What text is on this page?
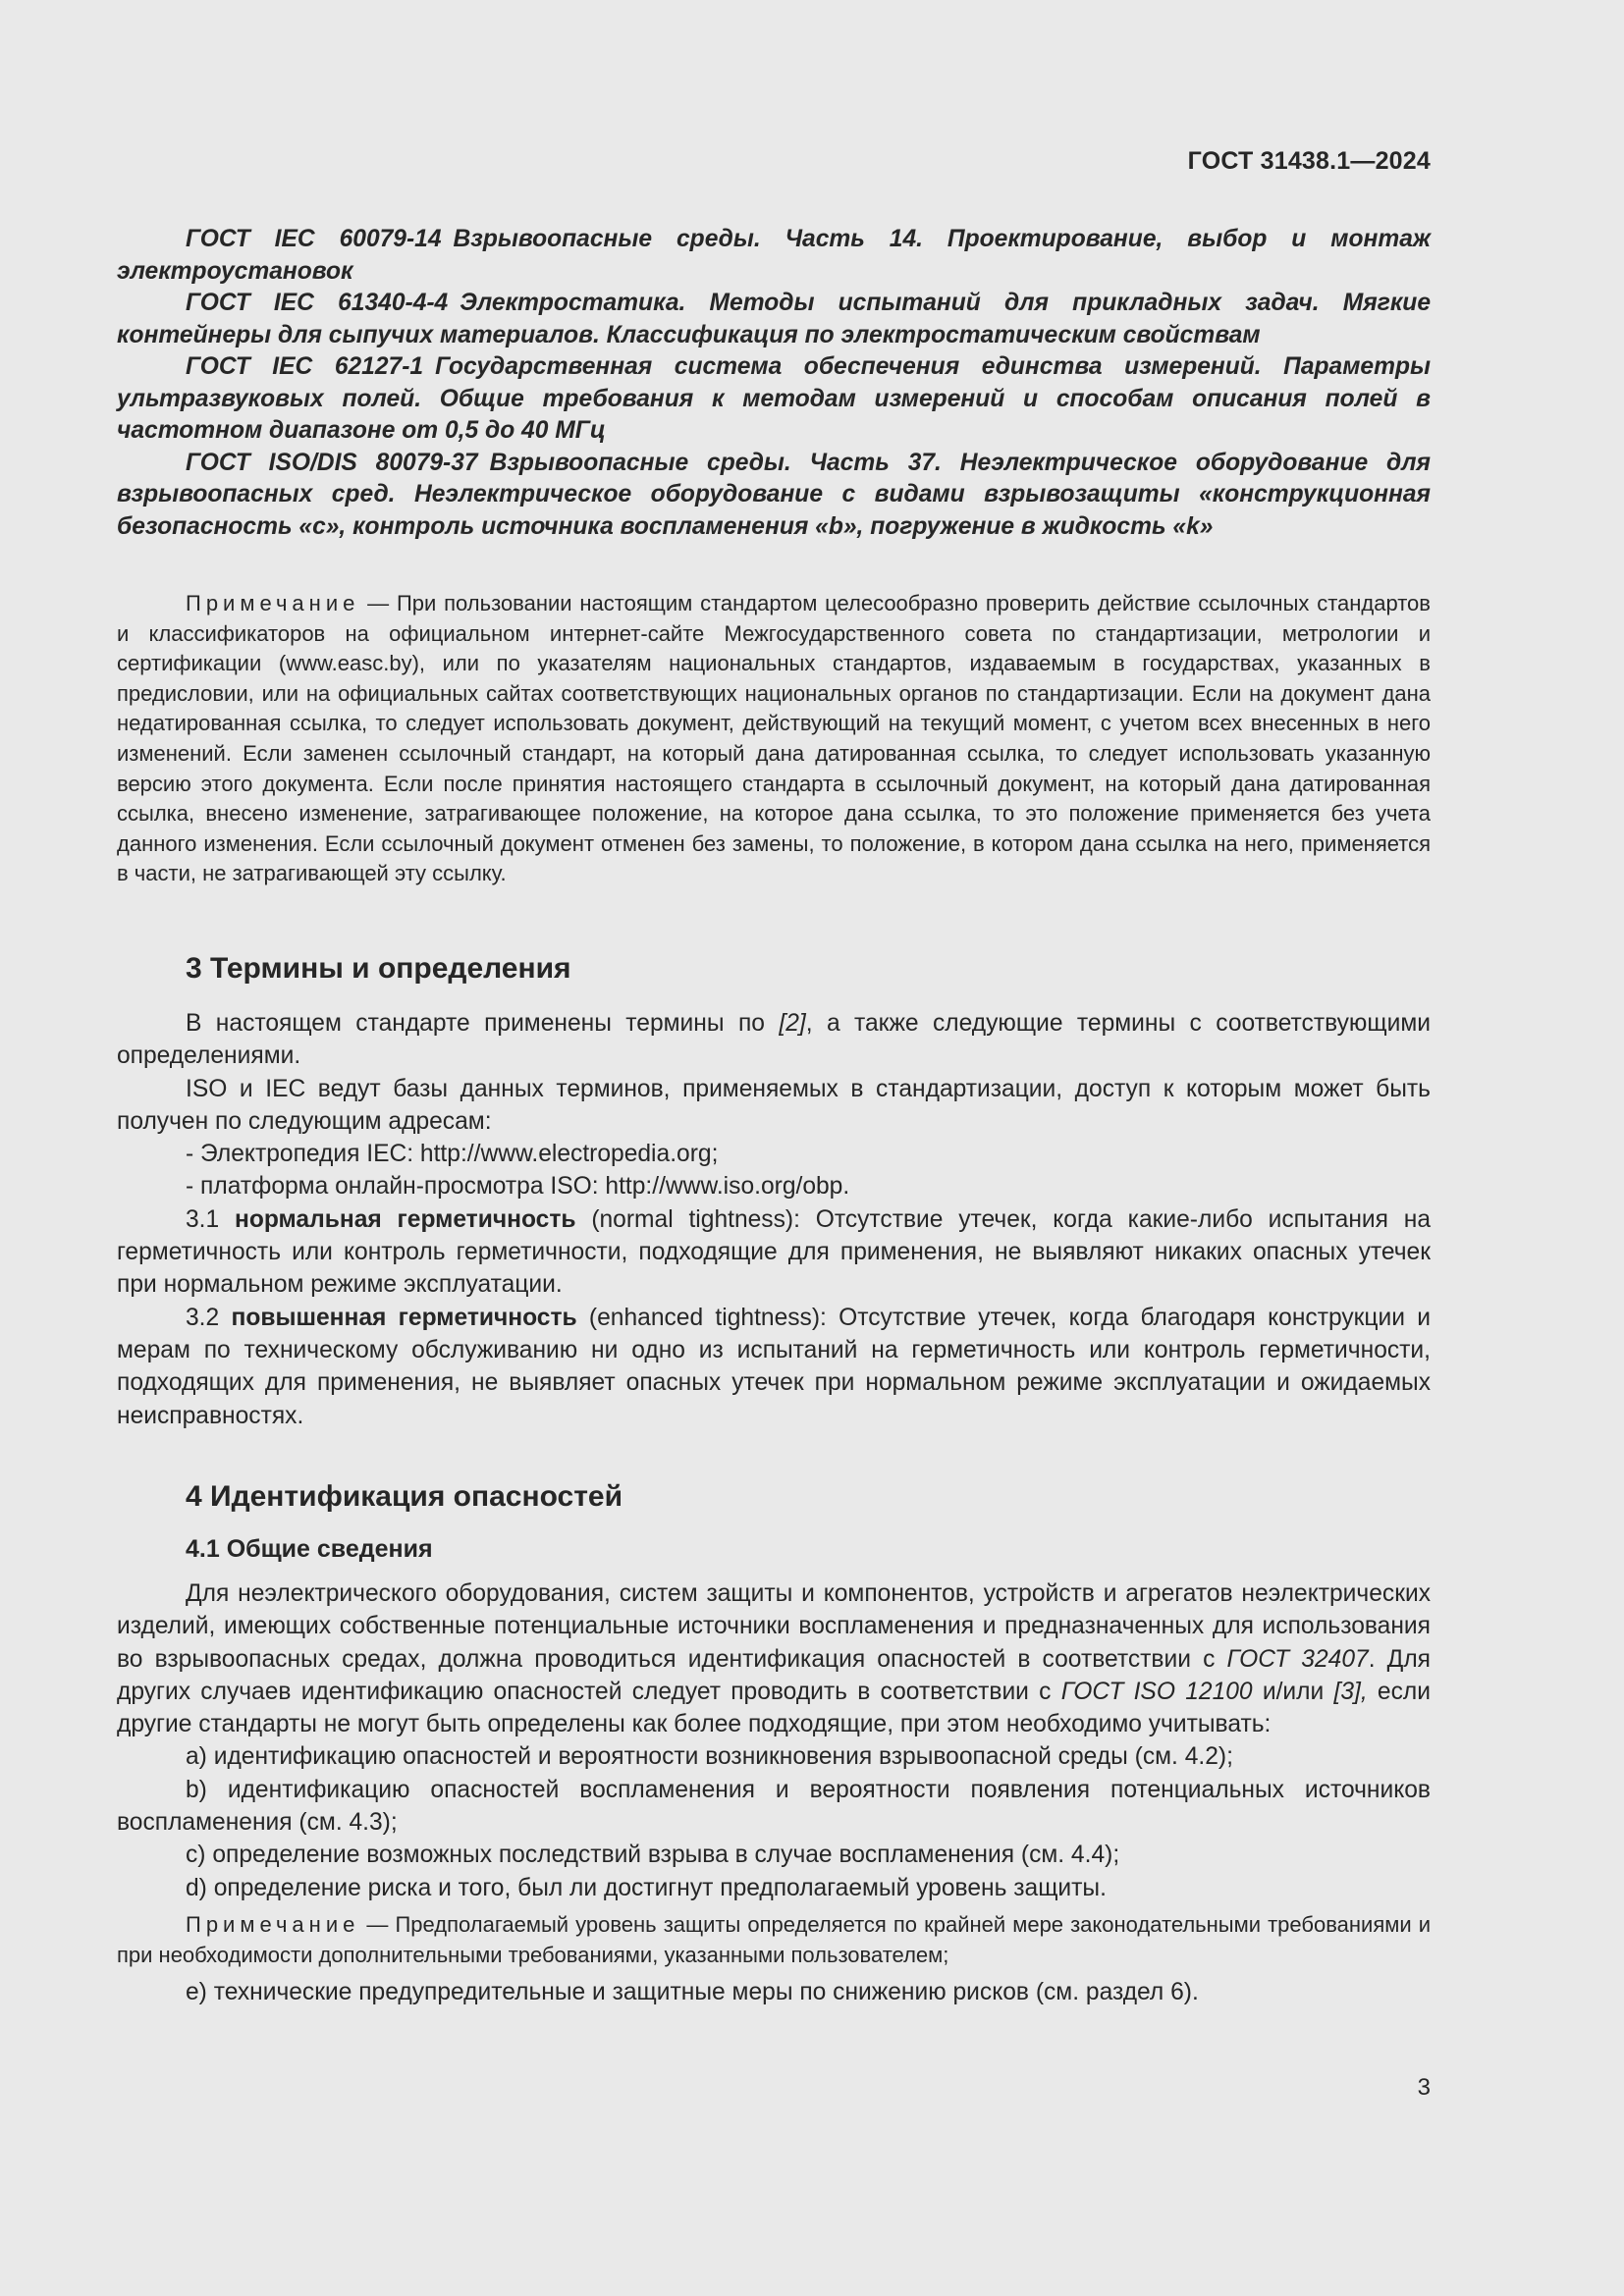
ГОСТ 31438.1—2024

ГОСТ IEC 60079-14 Взрывоопасные среды. Часть 14. Проектирование, выбор и монтаж электроустановок

ГОСТ IEC 61340-4-4 Электростатика. Методы испытаний для прикладных задач. Мягкие контейнеры для сыпучих материалов. Классификация по электростатическим свойствам

ГОСТ IEC 62127-1 Государственная система обеспечения единства измерений. Параметры ультразвуковых полей. Общие требования к методам измерений и способам описания полей в частотном диапазоне от 0,5 до 40 МГц

ГОСТ ISO/DIS 80079-37 Взрывоопасные среды. Часть 37. Неэлектрическое оборудование для взрывоопасных сред. Неэлектрическое оборудование с видами взрывозащиты «конструкционная безопасность «с», контроль источника воспламенения «b», погружение в жидкость «k»

Примечание — При пользовании настоящим стандартом целесообразно проверить действие ссылочных стандартов и классификаторов на официальном интернет-сайте Межгосударственного совета по стандартизации, метрологии и сертификации (www.easc.by), или по указателям национальных стандартов, издаваемым в государствах, указанных в предисловии, или на официальных сайтах соответствующих национальных органов по стандартизации. Если на документ дана недатированная ссылка, то следует использовать документ, действующий на текущий момент, с учетом всех внесенных в него изменений. Если заменен ссылочный стандарт, на который дана датированная ссылка, то следует использовать указанную версию этого документа. Если после принятия настоящего стандарта в ссылочный документ, на который дана датированная ссылка, внесено изменение, затрагивающее положение, на которое дана ссылка, то это положение применяется без учета данного изменения. Если ссылочный документ отменен без замены, то положение, в котором дана ссылка на него, применяется в части, не затрагивающей эту ссылку.

3 Термины и определения

В настоящем стандарте применены термины по [2], а также следующие термины с соответствующими определениями.

ISO и IEC ведут базы данных терминов, применяемых в стандартизации, доступ к которым может быть получен по следующим адресам:

- Электропедия IEC: http://www.electropedia.org;

- платформа онлайн-просмотра ISO: http://www.iso.org/obp.

3.1 нормальная герметичность (normal tightness): Отсутствие утечек, когда какие-либо испытания на герметичность или контроль герметичности, подходящие для применения, не выявляют никаких опасных утечек при нормальном режиме эксплуатации.

3.2 повышенная герметичность (enhanced tightness): Отсутствие утечек, когда благодаря конструкции и мерам по техническому обслуживанию ни одно из испытаний на герметичность или контроль герметичности, подходящих для применения, не выявляет опасных утечек при нормальном режиме эксплуатации и ожидаемых неисправностях.

4 Идентификация опасностей
4.1 Общие сведения

Для неэлектрического оборудования, систем защиты и компонентов, устройств и агрегатов неэлектрических изделий, имеющих собственные потенциальные источники воспламенения и предназначенных для использования во взрывоопасных средах, должна проводиться идентификация опасностей в соответствии с ГОСТ 32407. Для других случаев идентификацию опасностей следует проводить в соответствии с ГОСТ ISO 12100 и/или [3], если другие стандарты не могут быть определены как более подходящие, при этом необходимо учитывать:

a) идентификацию опасностей и вероятности возникновения взрывоопасной среды (см. 4.2);

b) идентификацию опасностей воспламенения и вероятности появления потенциальных источников воспламенения (см. 4.3);

c) определение возможных последствий взрыва в случае воспламенения (см. 4.4);

d) определение риска и того, был ли достигнут предполагаемый уровень защиты.

Примечание — Предполагаемый уровень защиты определяется по крайней мере законодательными требованиями и при необходимости дополнительными требованиями, указанными пользователем;

e) технические предупредительные и защитные меры по снижению рисков (см. раздел 6).

3
